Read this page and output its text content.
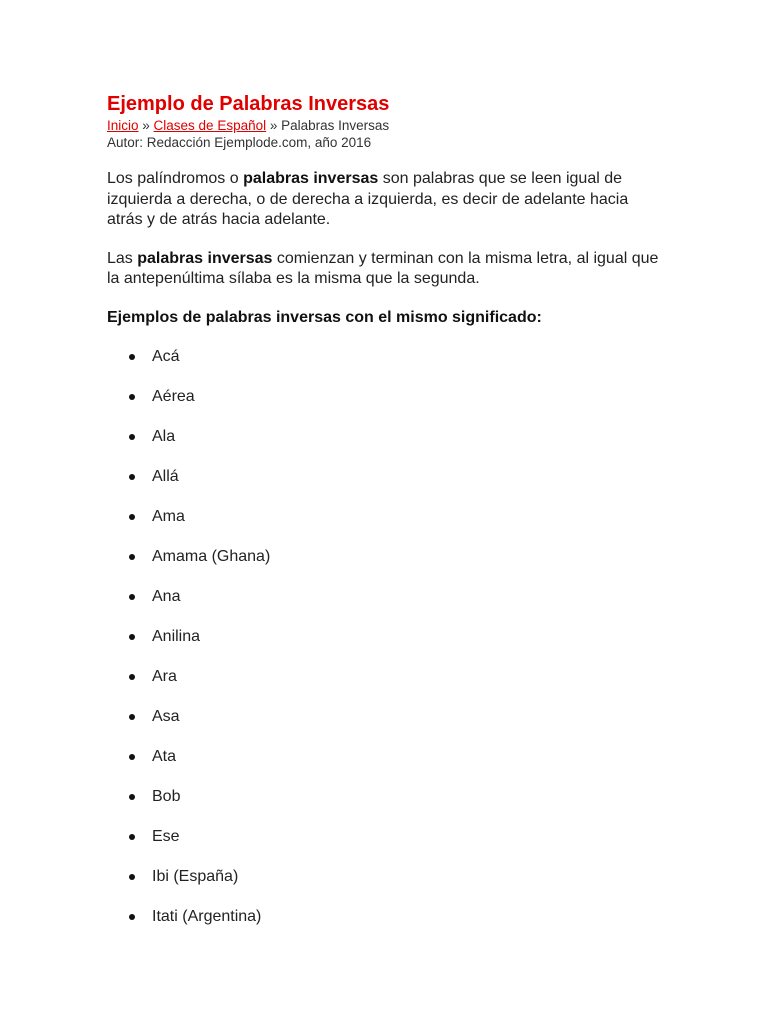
Ejemplo de Palabras Inversas
Inicio » Clases de Español » Palabras Inversas
Autor: Redacción Ejemplode.com, año 2016

Los palíndromos o palabras inversas son palabras que se leen igual de izquierda a derecha, o de derecha a izquierda, es decir de adelante hacia atrás y de atrás hacia adelante.

Las palabras inversas comienzan y terminan con la misma letra, al igual que la antepenúltima sílaba es la misma que la segunda.

Ejemplos de palabras inversas con el mismo significado:
Acá
Aérea
Ala
Allá
Ama
Amama (Ghana)
Ana
Anilina
Ara
Asa
Ata
Bob
Ese
Ibi (España)
Itati (Argentina)
